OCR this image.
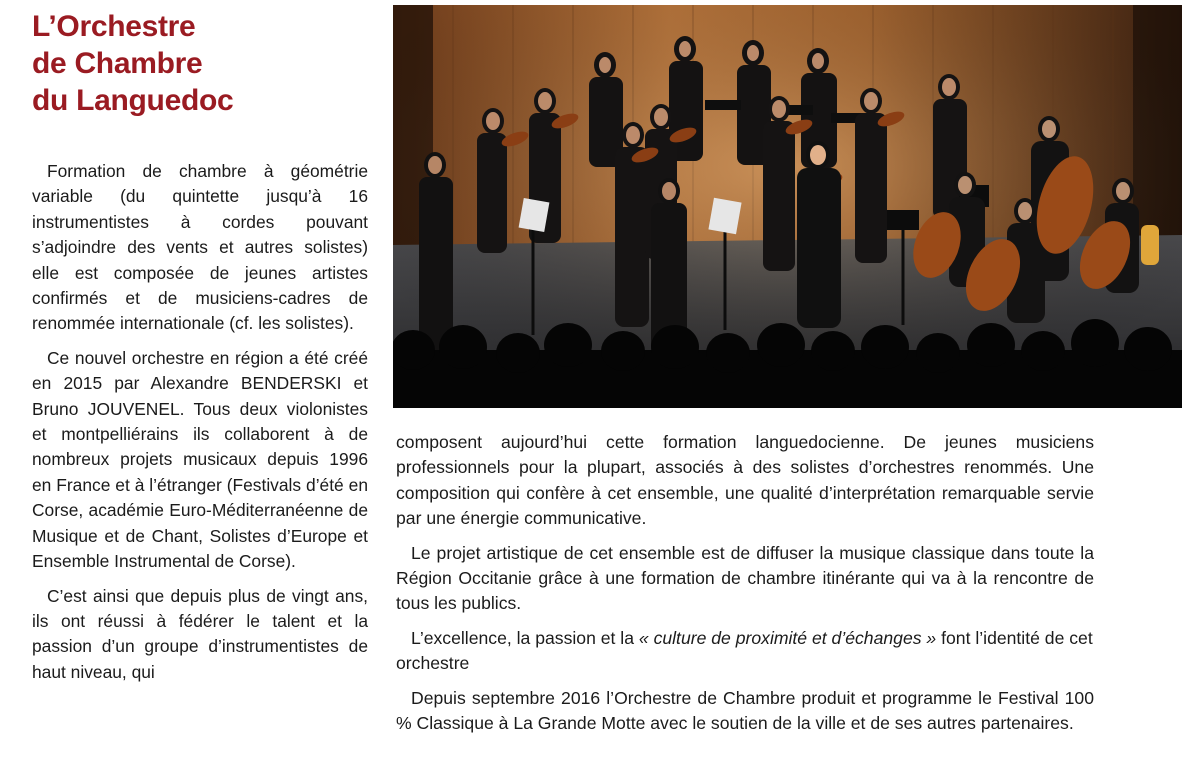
L’Orchestre
de Chambre
du Languedoc

Formation de chambre à géométrie variable (du quintette jusqu’à 16 instrumentistes à cordes pouvant s’adjoindre des vents et autres solistes) elle est composée de jeunes artistes confirmés et de musiciens-cadres de renommée internationale (cf. les solistes).

Ce nouvel orchestre en région a été créé en 2015 par Alexandre BENDERSKI et Bruno JOUVENEL. Tous deux violonistes et montpelliérains ils collaborent à de nombreux projets musicaux depuis 1996 en France et à l’étranger (Festivals d’été en Corse, académie Euro-Méditerranéenne de Musique et de Chant, Solistes d’Europe et Ensemble Instrumental de Corse).

C’est ainsi que depuis plus de vingt ans, ils ont réussi à fédérer le talent et la passion d’un groupe d’instrumentistes de haut niveau, qui

composent aujourd’hui cette formation languedocienne. De jeunes musiciens professionnels pour la plupart, associés à des solistes d’orchestres renommés. Une composition qui confère à cet ensemble, une qualité d’interprétation remarquable servie par une énergie communicative.

Le projet artistique de cet ensemble est de diffuser la musique classique dans toute la Région Occitanie grâce à une formation de chambre itinérante qui va à la rencontre de tous les publics.

L’excellence, la passion et la « culture de proximité et d’échanges » font l’identité de cet orchestre

Depuis septembre 2016 l’Orchestre de Chambre produit et programme le Festival 100 % Classique à La Grande Motte avec le soutien de la ville et de ses autres partenaires.
